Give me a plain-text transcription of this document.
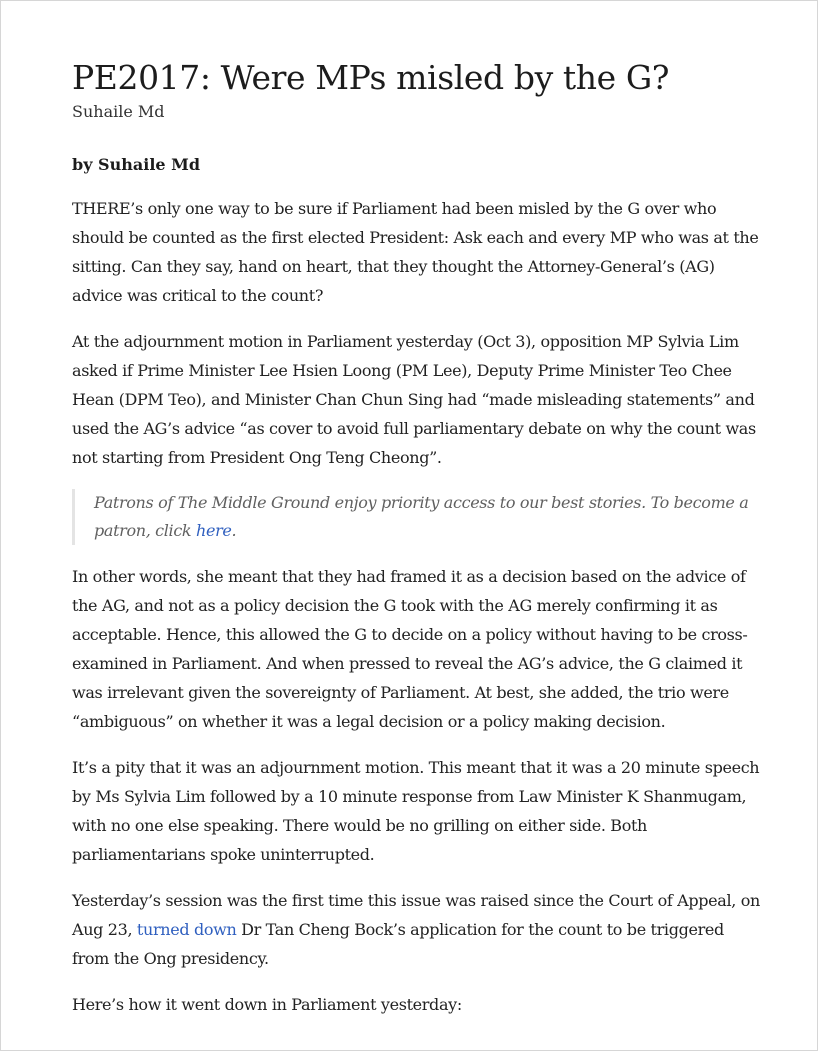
PE2017: Were MPs misled by the G?
Suhaile Md
by Suhaile Md

THERE’s only one way to be sure if Parliament had been misled by the G over who should be counted as the first elected President: Ask each and every MP who was at the sitting. Can they say, hand on heart, that they thought the Attorney-General’s (AG) advice was critical to the count?

At the adjournment motion in Parliament yesterday (Oct 3), opposition MP Sylvia Lim asked if Prime Minister Lee Hsien Loong (PM Lee), Deputy Prime Minister Teo Chee Hean (DPM Teo), and Minister Chan Chun Sing had “made misleading statements” and used the AG’s advice “as cover to avoid full parliamentary debate on why the count was not starting from President Ong Teng Cheong”.

Patrons of The Middle Ground enjoy priority access to our best stories. To become a patron, click here.

In other words, she meant that they had framed it as a decision based on the advice of the AG, and not as a policy decision the G took with the AG merely confirming it as acceptable. Hence, this allowed the G to decide on a policy without having to be cross-examined in Parliament. And when pressed to reveal the AG’s advice, the G claimed it was irrelevant given the sovereignty of Parliament. At best, she added, the trio were “ambiguous” on whether it was a legal decision or a policy making decision.

It’s a pity that it was an adjournment motion. This meant that it was a 20 minute speech by Ms Sylvia Lim followed by a 10 minute response from Law Minister K Shanmugam, with no one else speaking. There would be no grilling on either side. Both parliamentarians spoke uninterrupted.

Yesterday’s session was the first time this issue was raised since the Court of Appeal, on Aug 23, turned down Dr Tan Cheng Bock’s application for the count to be triggered from the Ong presidency.

Here’s how it went down in Parliament yesterday:
